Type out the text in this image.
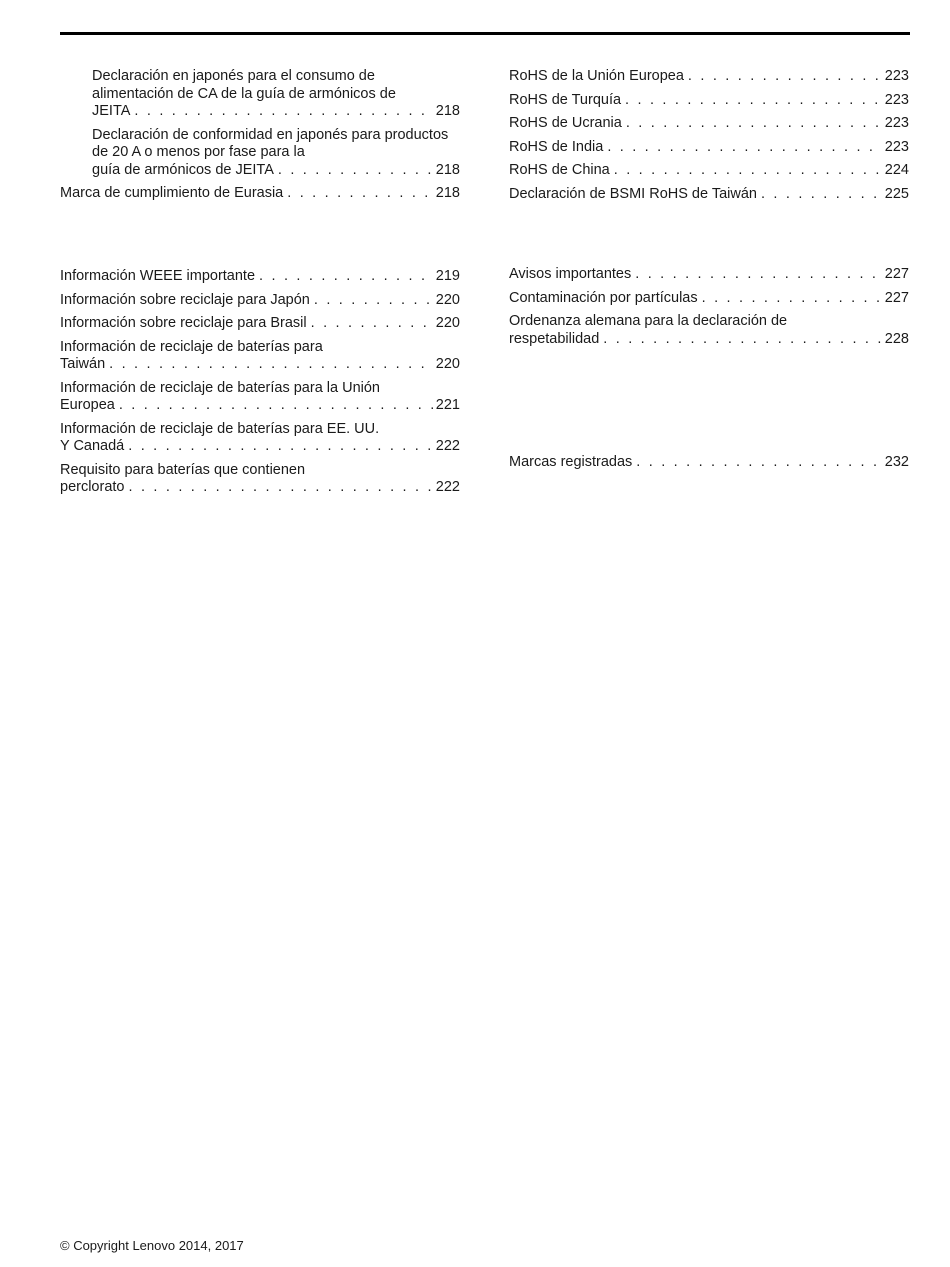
Declaración en japonés para el consumo de alimentación de CA de la guía de armónicos de
JEITA . . .	218
Declaración de conformidad en japonés para productos de 20 A o menos por fase para la
guía de armónicos de JEITA . . .	218
Marca de cumplimiento de Eurasia . . .	218
RoHS de la Unión Europea . . .	223
RoHS de Turquía . . .	223
RoHS de Ucrania . . .	223
RoHS de India . . .	223
RoHS de China . . .	224
Declaración de BSMI RoHS de Taiwán . . .	225
Información WEEE importante . . .	219
Información sobre reciclaje para Japón . . .	220
Información sobre reciclaje para Brasil . . .	220
Información de reciclaje de baterías para
Taiwán . . .	220
Información de reciclaje de baterías para la Unión
Europea . . .	221
Información de reciclaje de baterías para EE. UU.
Y Canadá . . .	222
Requisito para baterías que contienen
perclorato . . .	222
Avisos importantes . . .	227
Contaminación por partículas . . .	227
Ordenanza alemana para la declaración de
respetabilidad . . .	228
Marcas registradas . . .	232
© Copyright Lenovo 2014, 2017
